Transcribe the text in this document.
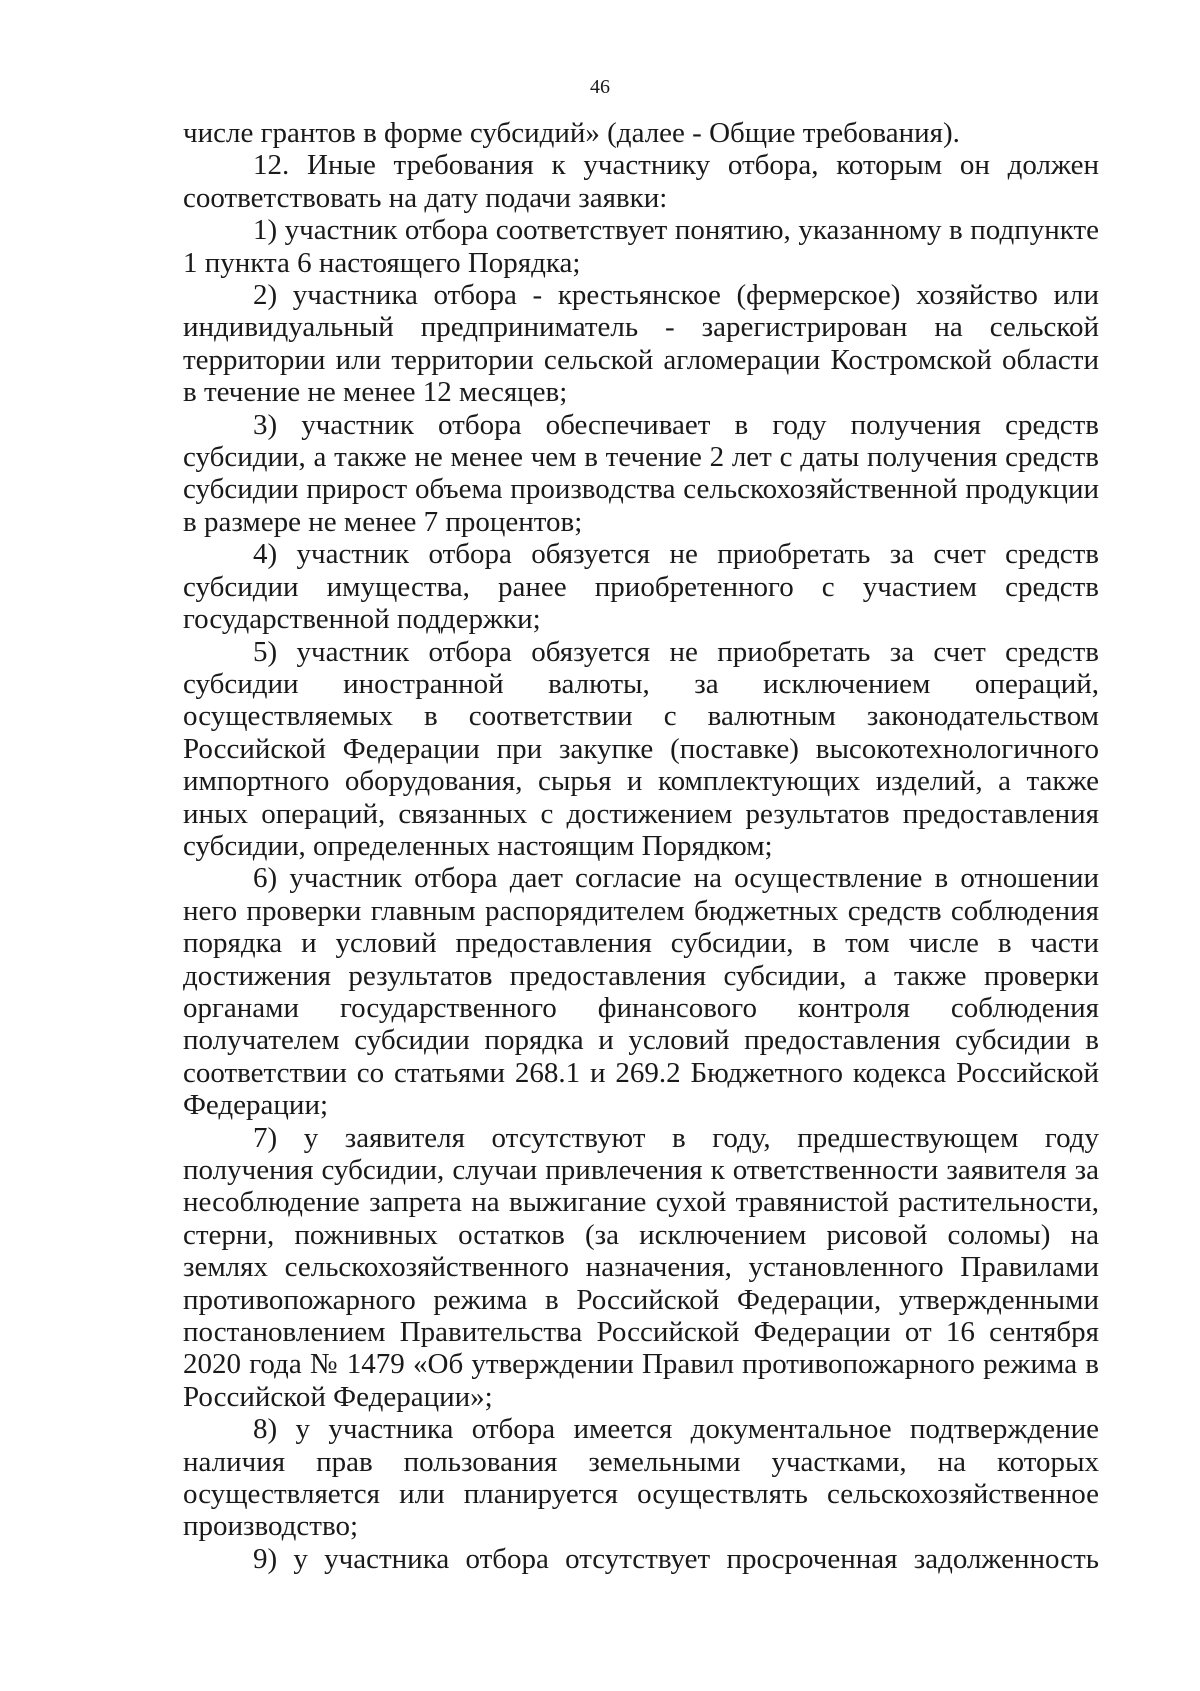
46

числе грантов в форме субсидий» (далее - Общие требования).

12. Иные требования к участнику отбора, которым он должен соответствовать на дату подачи заявки:

1) участник отбора соответствует понятию, указанному в подпункте 1 пункта 6 настоящего Порядка;

2) участника отбора - крестьянское (фермерское) хозяйство или индивидуальный предприниматель - зарегистрирован на сельской территории или территории сельской агломерации Костромской области в течение не менее 12 месяцев;

3) участник отбора обеспечивает в году получения средств субсидии, а также не менее чем в течение 2 лет с даты получения средств субсидии прирост объема производства сельскохозяйственной продукции в размере не менее 7 процентов;

4) участник отбора обязуется не приобретать за счет средств субсидии имущества, ранее приобретенного с участием средств государственной поддержки;

5) участник отбора обязуется не приобретать за счет средств субсидии иностранной валюты, за исключением операций, осуществляемых в соответствии с валютным законодательством Российской Федерации при закупке (поставке) высокотехнологичного импортного оборудования, сырья и комплектующих изделий, а также иных операций, связанных с достижением результатов предоставления субсидии, определенных настоящим Порядком;

6) участник отбора дает согласие на осуществление в отношении него проверки главным распорядителем бюджетных средств соблюдения порядка и условий предоставления субсидии, в том числе в части достижения результатов предоставления субсидии, а также проверки органами государственного финансового контроля соблюдения получателем субсидии порядка и условий предоставления субсидии в соответствии со статьями 268.1 и 269.2 Бюджетного кодекса Российской Федерации;

7) у заявителя отсутствуют в году, предшествующем году получения субсидии, случаи привлечения к ответственности заявителя за несоблюдение запрета на выжигание сухой травянистой растительности, стерни, пожнивных остатков (за исключением рисовой соломы) на землях сельскохозяйственного назначения, установленного Правилами противопожарного режима в Российской Федерации, утвержденными постановлением Правительства Российской Федерации от 16 сентября 2020 года № 1479 «Об утверждении Правил противопожарного режима в Российской Федерации»;

8) у участника отбора имеется документальное подтверждение наличия прав пользования земельными участками, на которых осуществляется или планируется осуществлять сельскохозяйственное производство;

9) у участника отбора отсутствует просроченная задолженность
